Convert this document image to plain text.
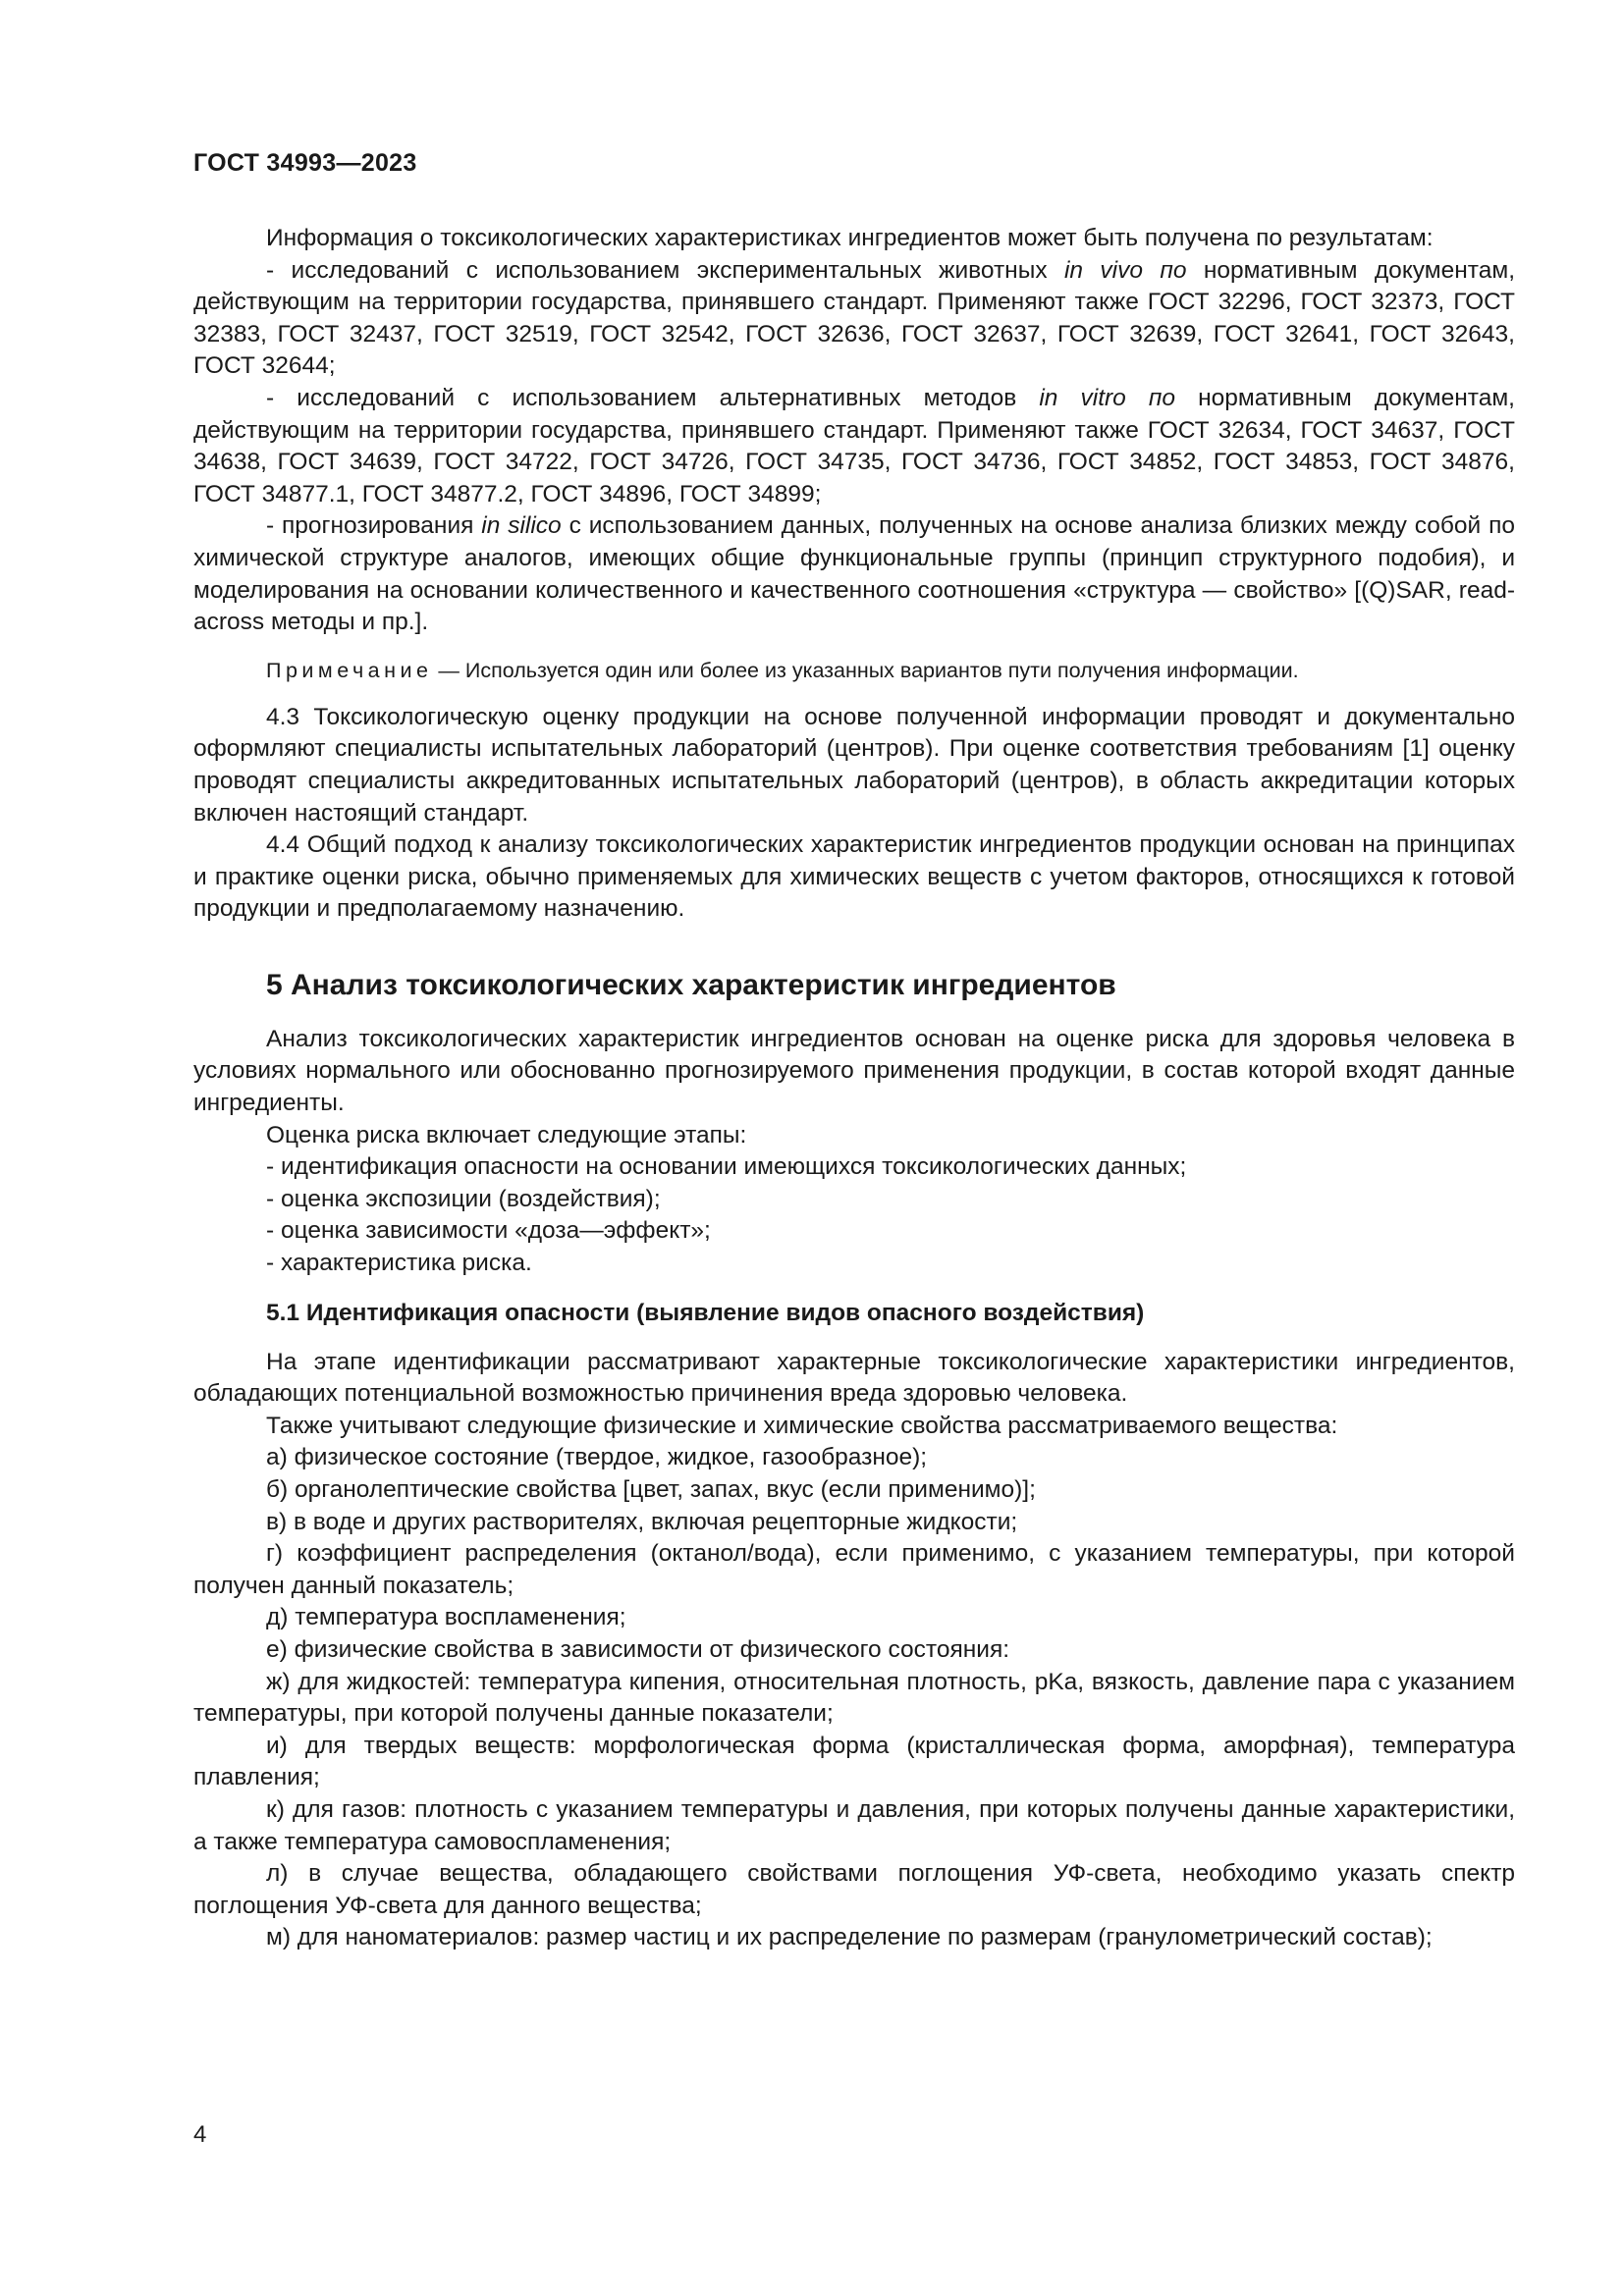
ГОСТ 34993—2023

Информация о токсикологических характеристиках ингредиентов может быть получена по результатам:

- исследований с использованием экспериментальных животных in vivo по нормативным документам, действующим на территории государства, принявшего стандарт. Применяют также ГОСТ 32296, ГОСТ 32373, ГОСТ 32383, ГОСТ 32437, ГОСТ 32519, ГОСТ 32542, ГОСТ 32636, ГОСТ 32637, ГОСТ 32639, ГОСТ 32641, ГОСТ 32643, ГОСТ 32644;

- исследований с использованием альтернативных методов in vitro по нормативным документам, действующим на территории государства, принявшего стандарт. Применяют также ГОСТ 32634, ГОСТ 34637, ГОСТ 34638, ГОСТ 34639, ГОСТ 34722, ГОСТ 34726, ГОСТ 34735, ГОСТ 34736, ГОСТ 34852, ГОСТ 34853, ГОСТ 34876, ГОСТ 34877.1, ГОСТ 34877.2, ГОСТ 34896, ГОСТ 34899;

- прогнозирования in silico с использованием данных, полученных на основе анализа близких между собой по химической структуре аналогов, имеющих общие функциональные группы (принцип структурного подобия), и моделирования на основании количественного и качественного соотношения «структура — свойство» [(Q)SAR, read-across методы и пр.].

Примечание — Используется один или более из указанных вариантов пути получения информации.

4.3 Токсикологическую оценку продукции на основе полученной информации проводят и документально оформляют специалисты испытательных лабораторий (центров). При оценке соответствия требованиям [1] оценку проводят специалисты аккредитованных испытательных лабораторий (центров), в область аккредитации которых включен настоящий стандарт.

4.4 Общий подход к анализу токсикологических характеристик ингредиентов продукции основан на принципах и практике оценки риска, обычно применяемых для химических веществ с учетом факторов, относящихся к готовой продукции и предполагаемому назначению.

5 Анализ токсикологических характеристик ингредиентов

Анализ токсикологических характеристик ингредиентов основан на оценке риска для здоровья человека в условиях нормального или обоснованно прогнозируемого применения продукции, в состав которой входят данные ингредиенты.

Оценка риска включает следующие этапы:

- идентификация опасности на основании имеющихся токсикологических данных;

- оценка экспозиции (воздействия);

- оценка зависимости «доза—эффект»;

- характеристика риска.

5.1 Идентификация опасности (выявление видов опасного воздействия)

На этапе идентификации рассматривают характерные токсикологические характеристики ингредиентов, обладающих потенциальной возможностью причинения вреда здоровью человека.

Также учитывают следующие физические и химические свойства рассматриваемого вещества:

а) физическое состояние (твердое, жидкое, газообразное);

б) органолептические свойства [цвет, запах, вкус (если применимо)];

в) в воде и других растворителях, включая рецепторные жидкости;

г) коэффициент распределения (октанол/вода), если применимо, с указанием температуры, при которой получен данный показатель;

д) температура воспламенения;

е) физические свойства в зависимости от физического состояния:

ж) для жидкостей: температура кипения, относительная плотность, pKa, вязкость, давление пара с указанием температуры, при которой получены данные показатели;

и) для твердых веществ: морфологическая форма (кристаллическая форма, аморфная), температура плавления;

к) для газов: плотность с указанием температуры и давления, при которых получены данные характеристики, а также температура самовоспламенения;

л) в случае вещества, обладающего свойствами поглощения УФ-света, необходимо указать спектр поглощения УФ-света для данного вещества;

м) для наноматериалов: размер частиц и их распределение по размерам (гранулометрический состав);

4
